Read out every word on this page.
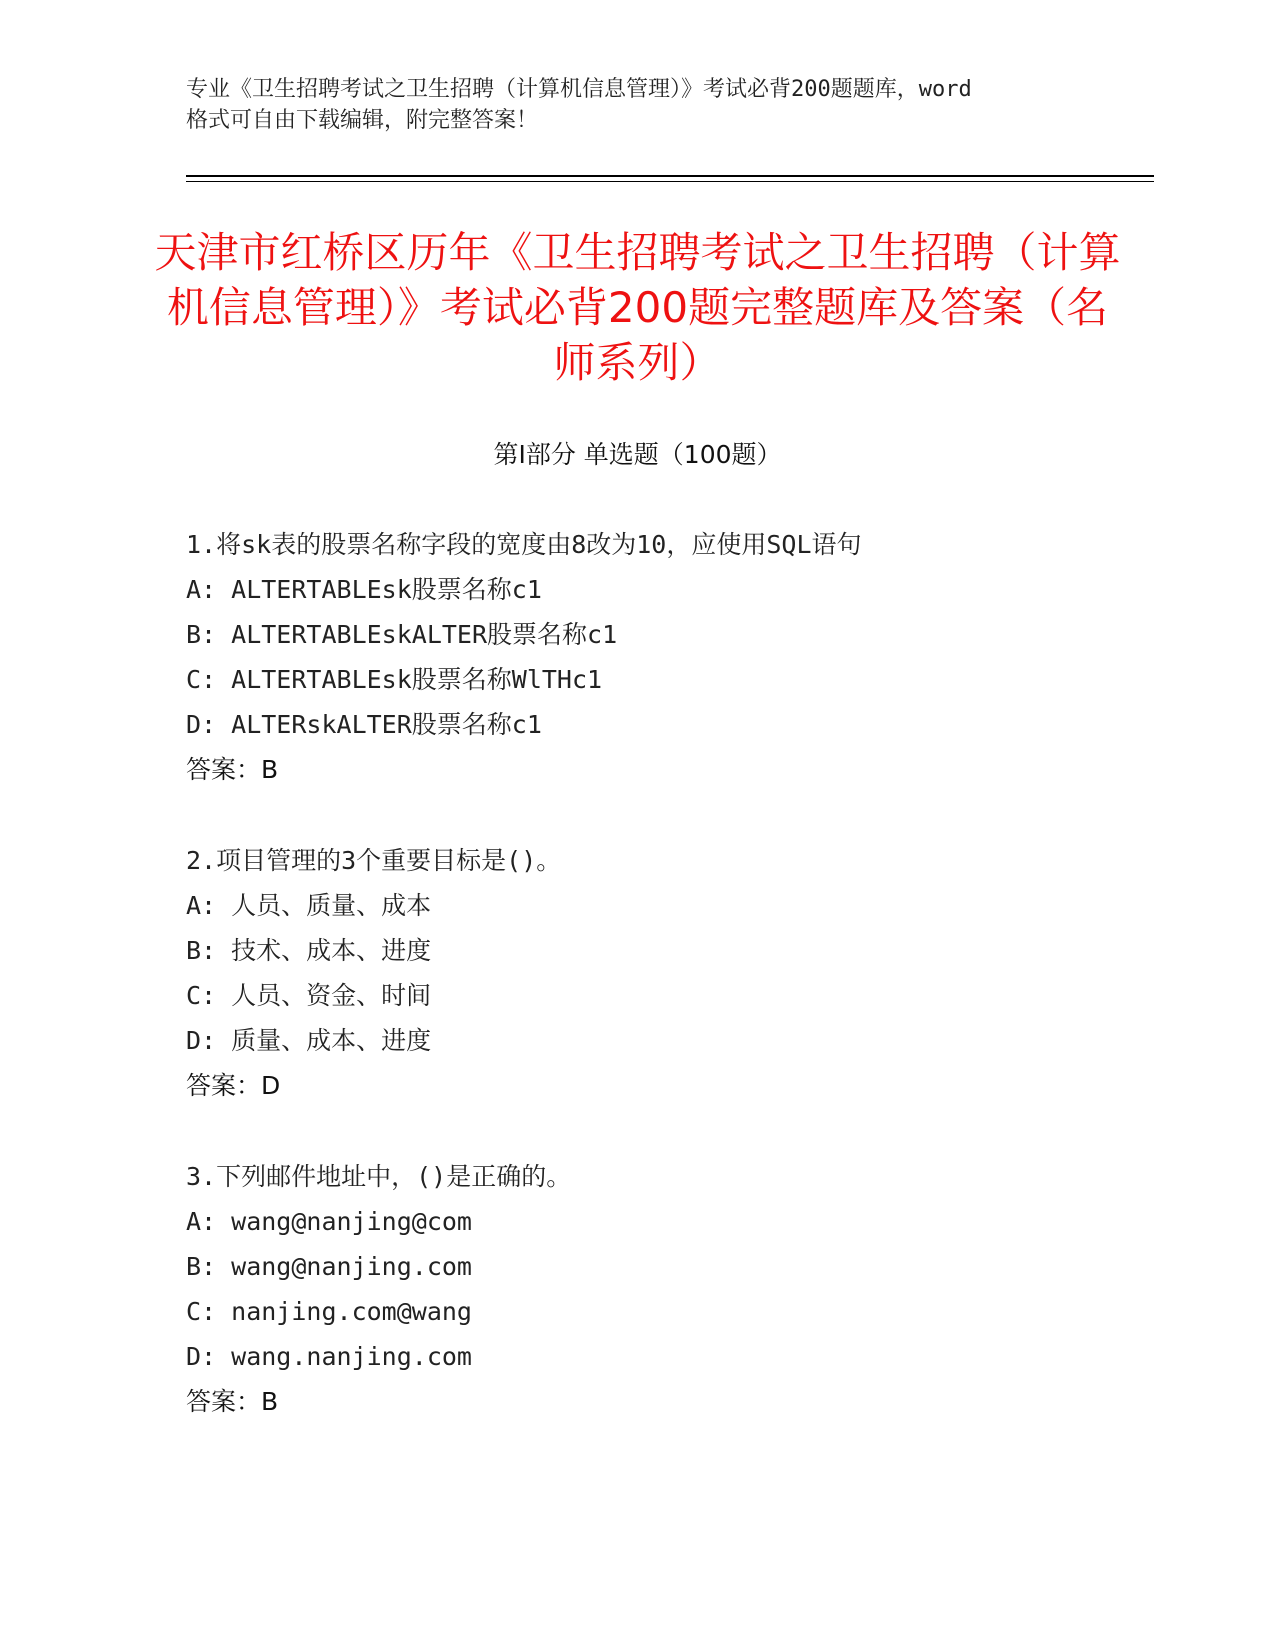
专业《卫生招聘考试之卫生招聘（计算机信息管理）》考试必背200题题库，word
格式可自由下载编辑，附完整答案！
天津市红桥区历年《卫生招聘考试之卫生招聘（计算机信息管理）》考试必背200题完整题库及答案（名师系列）
第Ⅰ部分 单选题（100题）
1.将sk表的股票名称字段的宽度由8改为10，应使用SQL语句
A: ALTERTABLEsk股票名称c1
B: ALTERTABLEskALTER股票名称c1
C: ALTERTABLEsk股票名称WlTHc1
D: ALTERskALTER股票名称c1
答案：B
2.项目管理的3个重要目标是()。
A: 人员、质量、成本
B: 技术、成本、进度
C: 人员、资金、时间
D: 质量、成本、进度
答案：D
3.下列邮件地址中，()是正确的。
A: wang@nanjing@com
B: wang@nanjing.com
C: nanjing.com@wang
D: wang.nanjing.com
答案：B
